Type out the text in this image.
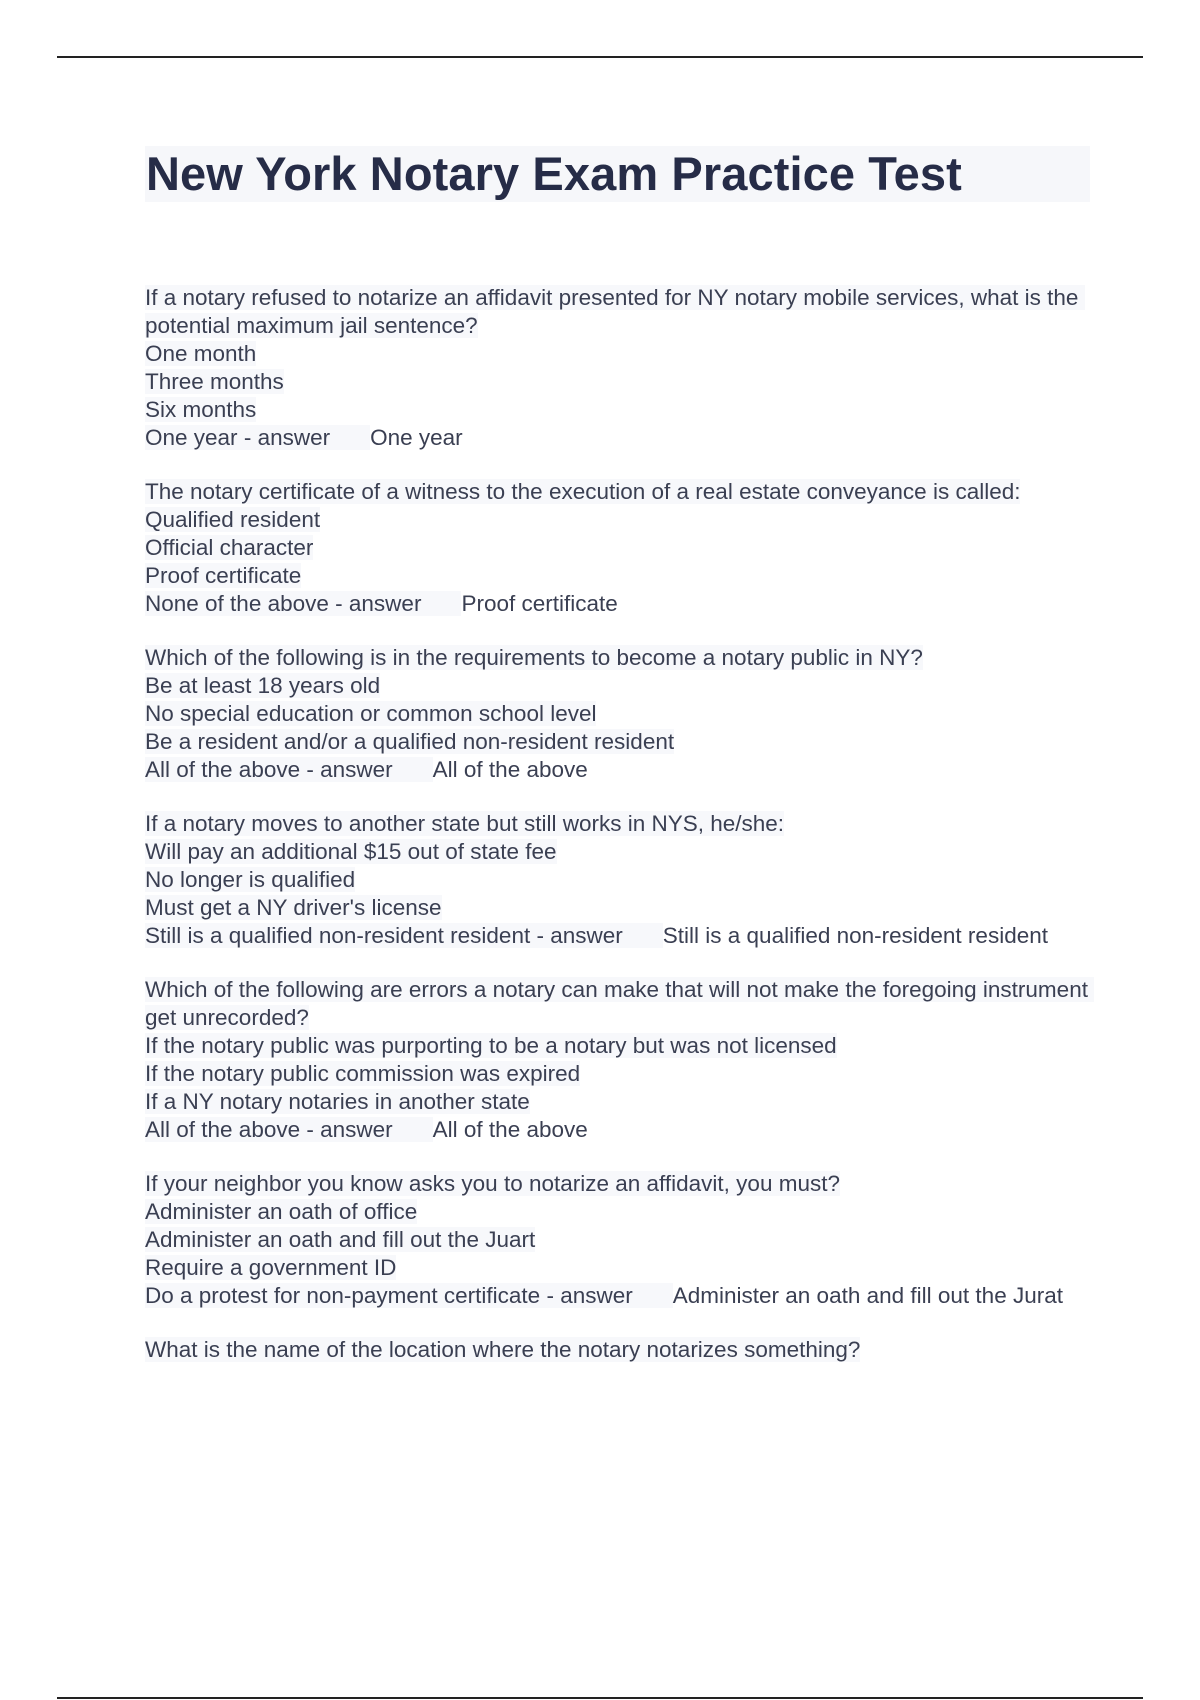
New York Notary Exam Practice Test
If a notary refused to notarize an affidavit presented for NY notary mobile services, what is the potential maximum jail sentence?
One month
Three months
Six months
One year - answer One year
The notary certificate of a witness to the execution of a real estate conveyance is called:
Qualified resident
Official character
Proof certificate
None of the above - answer Proof certificate
Which of the following is in the requirements to become a notary public in NY?
Be at least 18 years old
No special education or common school level
Be a resident and/or a qualified non-resident resident
All of the above - answer All of the above
If a notary moves to another state but still works in NYS, he/she:
Will pay an additional $15 out of state fee
No longer is qualified
Must get a NY driver's license
Still is a qualified non-resident resident - answer Still is a qualified non-resident resident
Which of the following are errors a notary can make that will not make the foregoing instrument get unrecorded?
If the notary public was purporting to be a notary but was not licensed
If the notary public commission was expired
If a NY notary notaries in another state
All of the above - answer All of the above
If your neighbor you know asks you to notarize an affidavit, you must?
Administer an oath of office
Administer an oath and fill out the Juart
Require a government ID
Do a protest for non-payment certificate - answer Administer an oath and fill out the Jurat
What is the name of the location where the notary notarizes something?
